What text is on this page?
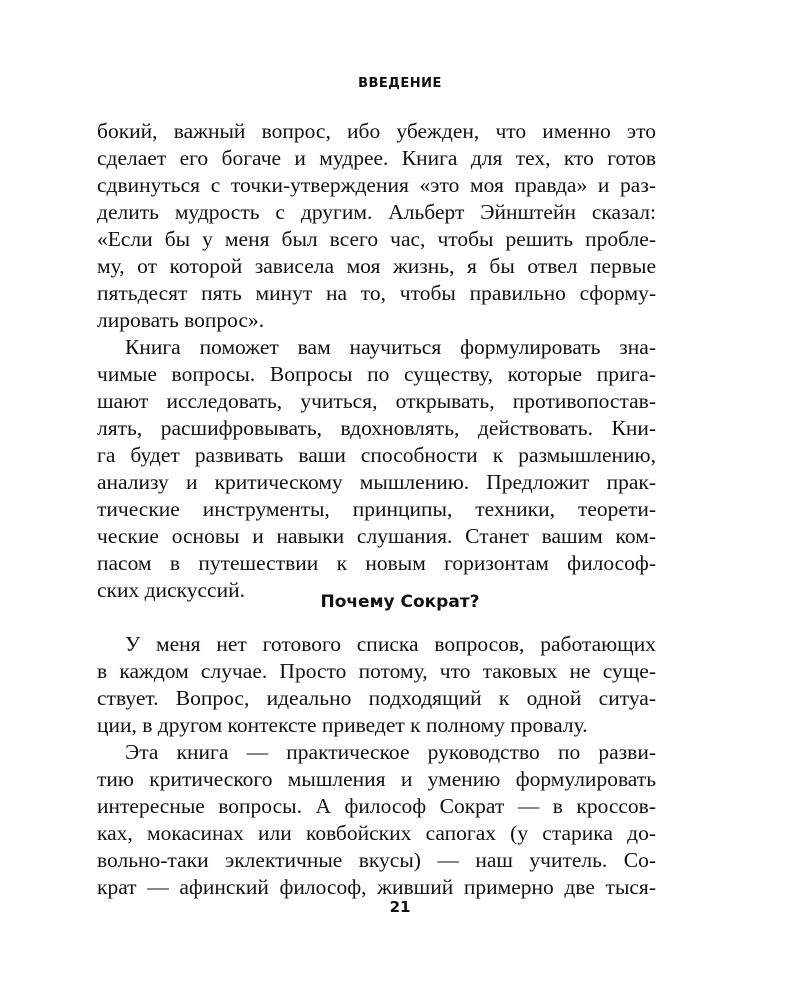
ВВЕДЕНИЕ
бокий, важный вопрос, ибо убежден, что именно это
сделает его богаче и мудрее. Книга для тех, кто готов
сдвинуться с точки-утверждения «это моя правда» и раз-
делить мудрость с другим. Альберт Эйнштейн сказал:
«Если бы у меня был всего час, чтобы решить пробле-
му, от которой зависела моя жизнь, я бы отвел первые
пятьдесят пять минут на то, чтобы правильно сформу-
лировать вопрос».
Книга поможет вам научиться формулировать зна-
чимые вопросы. Вопросы по существу, которые прига-
шают исследовать, учиться, открывать, противопостав-
лять, расшифровывать, вдохновлять, действовать. Кни-
га будет развивать ваши способности к размышлению,
анализу и критическому мышлению. Предложит прак-
тические инструменты, принципы, техники, теорети-
ческие основы и навыки слушания. Станет вашим ком-
пасом в путешествии к новым горизонтам философ-
ских дискуссий.	Почему Сократ?
У меня нет готового списка вопросов, работающих
в каждом случае. Просто потому, что таковых не суще-
ствует. Вопрос, идеально подходящий к одной ситуа-
ции, в другом контексте приведет к полному провалу.
Эта книга — практическое руководство по разви-
тию критического мышления и умению формулировать
интересные вопросы. А философ Сократ — в кроссов-
ках, мокасинах или ковбойских сапогах (у старика до-
вольно-таки эклектичные вкусы) — наш учитель. Со-
крат — афинский философ, живший примерно две тыся-
21
